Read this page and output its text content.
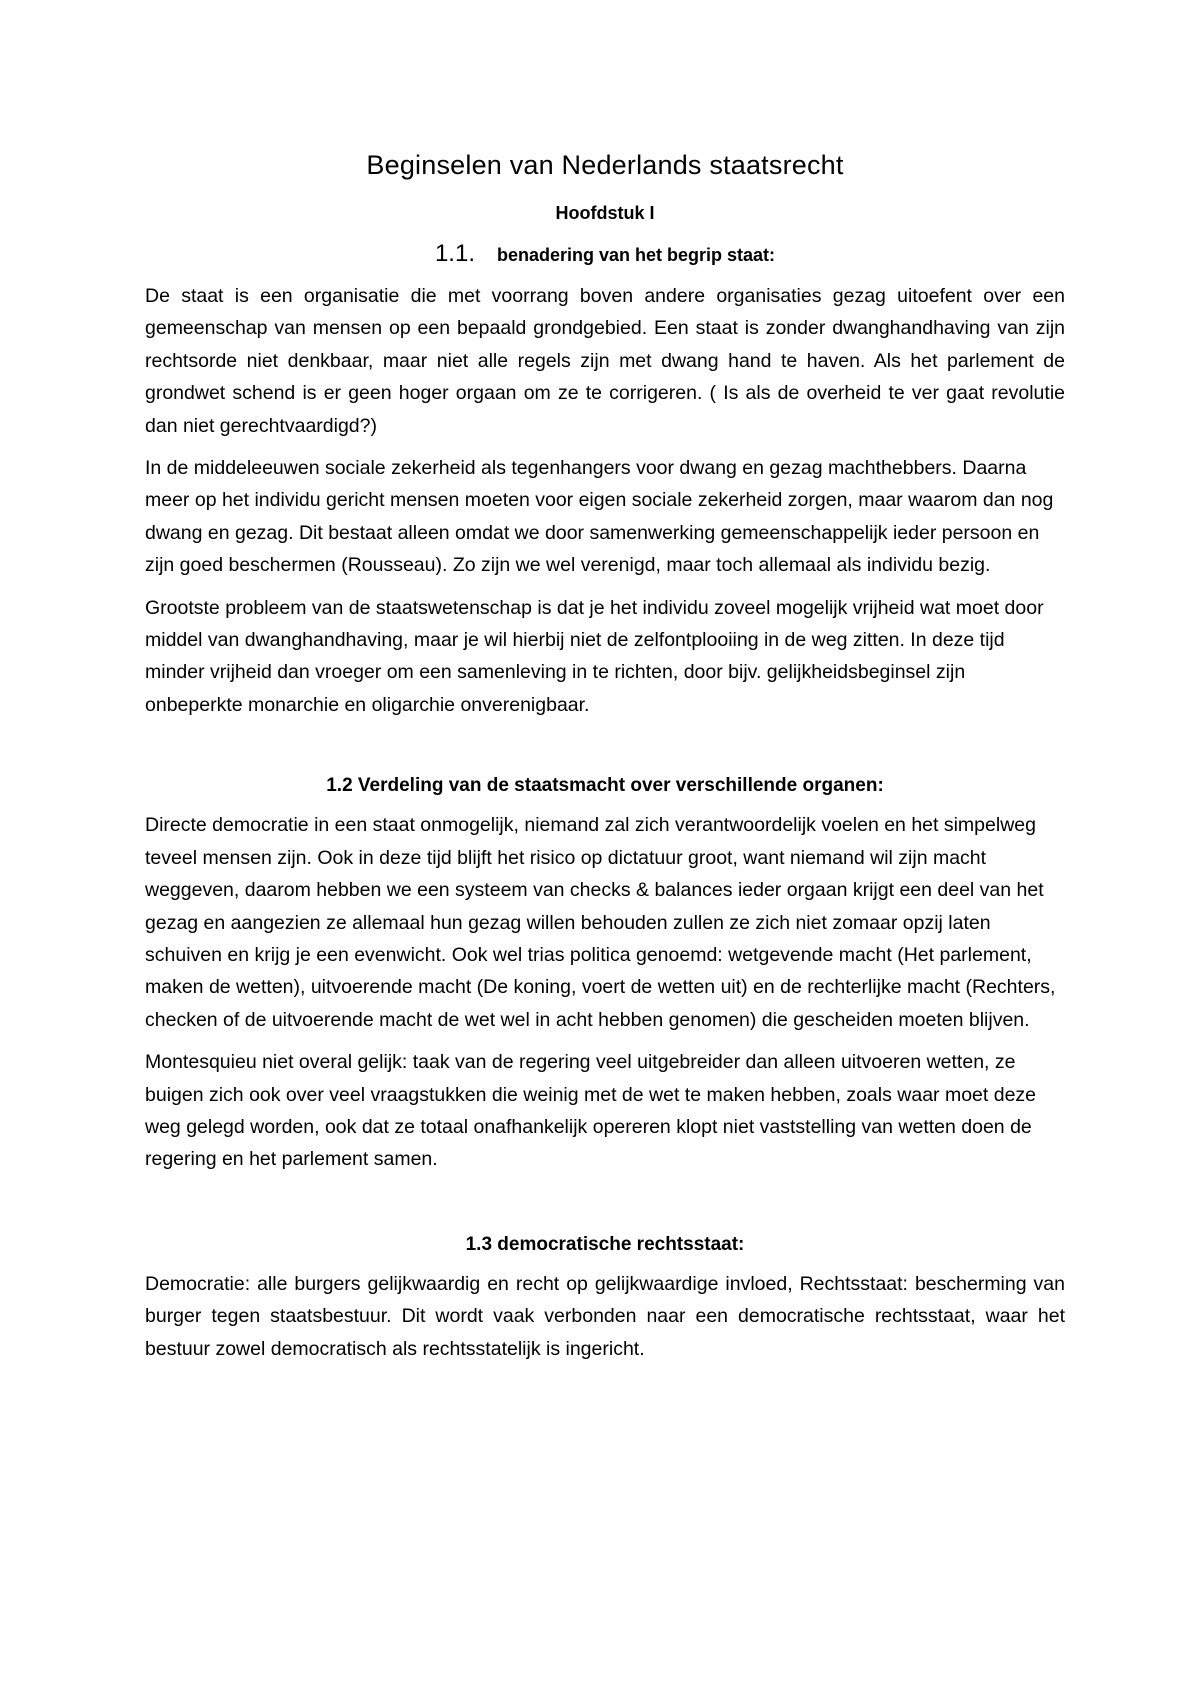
Beginselen van Nederlands staatsrecht
Hoofdstuk I
1.1. benadering van het begrip staat:

De staat is een organisatie die met voorrang boven andere organisaties gezag uitoefent over een gemeenschap van mensen op een bepaald grondgebied. Een staat is zonder dwanghandhaving van zijn rechtsorde niet denkbaar, maar niet alle regels zijn met dwang hand te haven. Als het parlement de grondwet schend is er geen hoger orgaan om ze te corrigeren. ( Is als de overheid te ver gaat revolutie dan niet gerechtvaardigd?)

In de middeleeuwen sociale zekerheid als tegenhangers voor dwang en gezag machthebbers. Daarna meer op het individu gericht mensen moeten voor eigen sociale zekerheid zorgen, maar waarom dan nog dwang en gezag. Dit bestaat alleen omdat we door samenwerking gemeenschappelijk ieder persoon en zijn goed beschermen (Rousseau). Zo zijn we wel verenigd, maar toch allemaal als individu bezig.

Grootste probleem van de staatswetenschap is dat je het individu zoveel mogelijk vrijheid wat moet door middel van dwanghandhaving, maar je wil hierbij niet de zelfontplooiing in de weg zitten. In deze tijd minder vrijheid dan vroeger om een samenleving in te richten, door bijv. gelijkheidsbeginsel zijn onbeperkte monarchie en oligarchie onverenigbaar.

1.2 Verdeling van de staatsmacht over verschillende organen:

Directe democratie in een staat onmogelijk, niemand zal zich verantwoordelijk voelen en het simpelweg teveel mensen zijn. Ook in deze tijd blijft het risico op dictatuur groot, want niemand wil zijn macht weggeven, daarom hebben we een systeem van checks & balances ieder orgaan krijgt een deel van het gezag en aangezien ze allemaal hun gezag willen behouden zullen ze zich niet zomaar opzij laten schuiven en krijg je een evenwicht. Ook wel trias politica genoemd: wetgevende macht (Het parlement, maken de wetten), uitvoerende macht (De koning, voert de wetten uit) en de rechterlijke macht (Rechters, checken of de uitvoerende macht de wet wel in acht hebben genomen) die gescheiden moeten blijven.

Montesquieu niet overal gelijk: taak van de regering veel uitgebreider dan alleen uitvoeren wetten, ze buigen zich ook over veel vraagstukken die weinig met de wet te maken hebben, zoals waar moet deze weg gelegd worden, ook dat ze totaal onafhankelijk opereren klopt niet vaststelling van wetten doen de regering en het parlement samen.

1.3 democratische rechtsstaat:

Democratie: alle burgers gelijkwaardig en recht op gelijkwaardige invloed, Rechtsstaat: bescherming van burger tegen staatsbestuur. Dit wordt vaak verbonden naar een democratische rechtsstaat, waar het bestuur zowel democratisch als rechtsstatelijk is ingericht.
